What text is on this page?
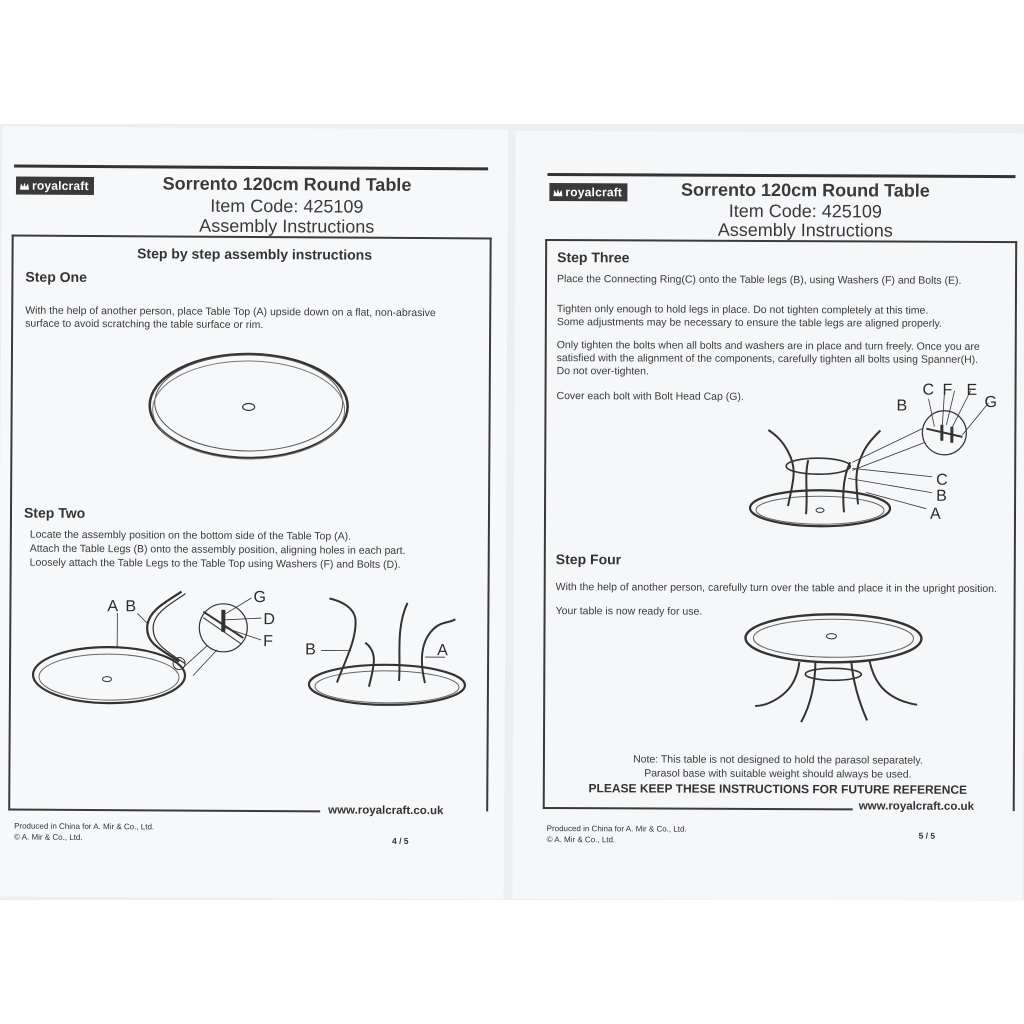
royalcraft	Sorrento 120cm Round Table
Item Code: 425109
Assembly Instructions
www.royalcraft.co.uk
Step by step assembly instructions
Step One
With the help of another person, place Table Top (A) upside down on a flat, non-abrasive surface to avoid scratching the table surface or rim.
Step Two
Locate the assembly position on the bottom side of the Table Top (A).
Attach the Table Legs (B) onto the assembly position, aligning holes in each part.
Loosely attach the Table Legs to the Table Top using Washers (F) and Bolts (D).
A B
G
D
F B	A
Produced in China for A. Mir & Co., Ltd.
© A. Mir & Co., Ltd.	4 / 5
royalcraft	Sorrento 120cm Round Table
Item Code: 425109
Assembly Instructions
www.royalcraft.co.uk
Step Three
Place the Connecting Ring(C) onto the Table legs (B), using Washers (F) and Bolts (E).
Tighten only enough to hold legs in place. Do not tighten completely at this time.
Some adjustments may be necessary to ensure the table legs are aligned properly.
Only tighten the bolts when all bolts and washers are in place and turn freely. Once you are
satisfied with the alignment of the components, carefully tighten all bolts using Spanner(H).
Do not over-tighten.
Cover each bolt with Bolt Head Cap (G).	C F E
B	G
C
B
A
Step Four
With the help of another person, carefully turn over the table and place it in the upright position.
Your table is now ready for use.
Note: This table is not designed to hold the parasol separately.
Parasol base with suitable weight should always be used.
PLEASE KEEP THESE INSTRUCTIONS FOR FUTURE REFERENCE
Produced in China for A. Mir & Co., Ltd.
© A. Mir & Co., Ltd.	5 / 5
